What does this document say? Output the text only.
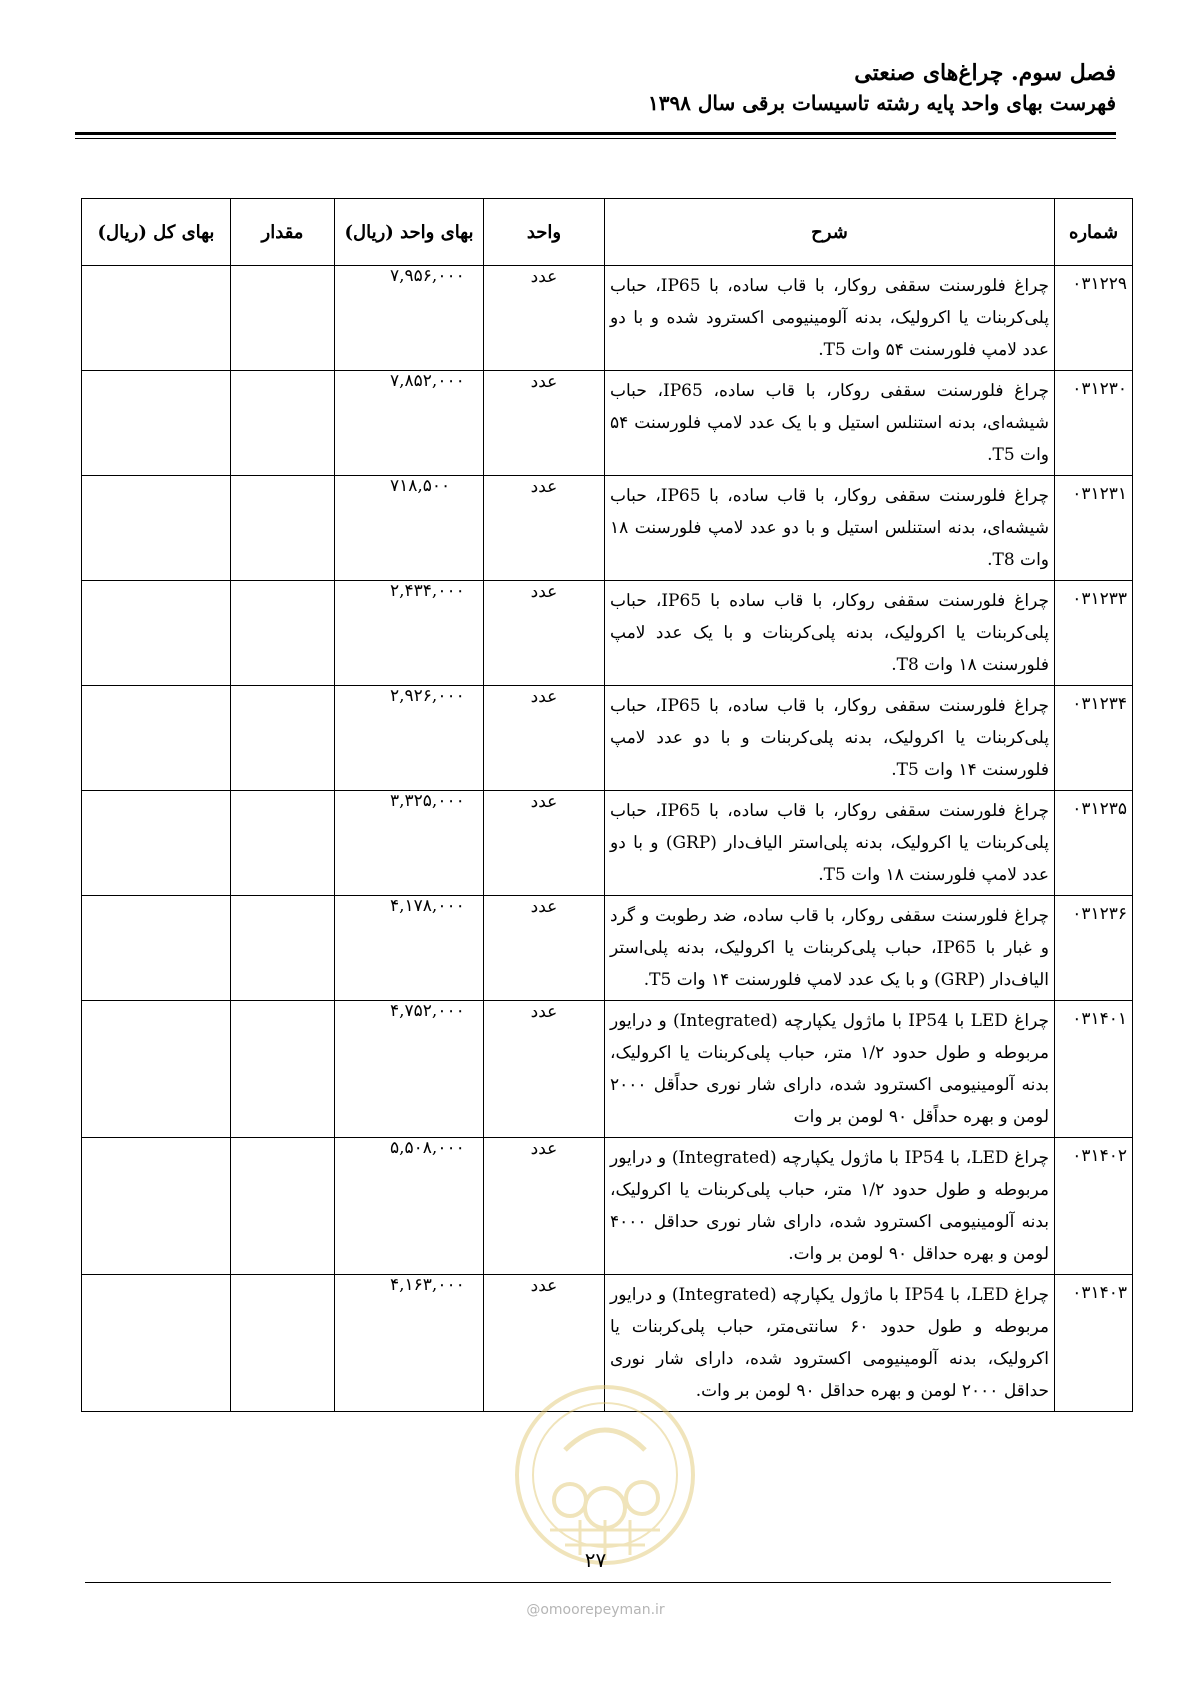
فصل سوم. چراغ‌های صنعتی
فهرست بهای واحد پایه رشته تاسیسات برقی سال ۱۳۹۸
شماره	شرح	واحد	بهای واحد (ریال)	مقدار	بهای کل (ریال)
۰۳۱۲۲۹	چراغ فلورسنت سقفی روکار، با قاب ساده، با IP65، حباب پلی‌کربنات یا اکرولیک، بدنه آلومینیومی اکسترود شده و با دو عدد لامپ فلورسنت ۵۴ وات T5.	عدد	۷,۹۵۶,۰۰۰		
۰۳۱۲۳۰	چراغ فلورسنت سقفی روکار، با قاب ساده، IP65، حباب شیشه‌ای، بدنه استنلس استیل و با یک عدد لامپ فلورسنت ۵۴ وات T5.	عدد	۷,۸۵۲,۰۰۰		
۰۳۱۲۳۱	چراغ فلورسنت سقفی روکار، با قاب ساده، با IP65، حباب شیشه‌ای، بدنه استنلس استیل و با دو عدد لامپ فلورسنت ۱۸ وات T8.	عدد	۷۱۸,۵۰۰		
۰۳۱۲۳۳	چراغ فلورسنت سقفی روکار، با قاب ساده با IP65، حباب پلی‌کربنات یا اکرولیک، بدنه پلی‌کربنات و با یک عدد لامپ فلورسنت ۱۸ وات T8.	عدد	۲,۴۳۴,۰۰۰		
۰۳۱۲۳۴	چراغ فلورسنت سقفی روکار، با قاب ساده، با IP65، حباب پلی‌کربنات یا اکرولیک، بدنه پلی‌کربنات و با دو عدد لامپ فلورسنت ۱۴ وات T5.	عدد	۲,۹۲۶,۰۰۰		
۰۳۱۲۳۵	چراغ فلورسنت سقفی روکار، با قاب ساده، با IP65، حباب پلی‌کربنات یا اکرولیک، بدنه پلی‌استر الیاف‌دار (GRP) و با دو عدد لامپ فلورسنت ۱۸ وات T5.	عدد	۳,۳۲۵,۰۰۰		
۰۳۱۲۳۶	چراغ فلورسنت سقفی روکار، با قاب ساده، ضد رطوبت و گرد و غبار با IP65، حباب پلی‌کربنات یا اکرولیک، بدنه پلی‌استر الیاف‌دار (GRP) و با یک عدد لامپ فلورسنت ۱۴ وات T5.	عدد	۴,۱۷۸,۰۰۰		
۰۳۱۴۰۱	چراغ LED با IP54 با ماژول یکپارچه (Integrated) و درایور مربوطه و طول حدود ۱/۲ متر، حباب پلی‌کربنات یا اکرولیک، بدنه آلومینیومی اکسترود شده، دارای شار نوری حداًقل ۲۰۰۰ لومن و بهره حداًقل ۹۰ لومن بر وات	عدد	۴,۷۵۲,۰۰۰		
۰۳۱۴۰۲	چراغ LED، با IP54 با ماژول یکپارچه (Integrated) و درایور مربوطه و طول حدود ۱/۲ متر، حباب پلی‌کربنات یا اکرولیک، بدنه آلومینیومی اکسترود شده، دارای شار نوری حداقل ۴۰۰۰ لومن و بهره حداقل ۹۰ لومن بر وات.	عدد	۵,۵۰۸,۰۰۰		
۰۳۱۴۰۳	چراغ LED، با IP54 با ماژول یکپارچه (Integrated) و درایور مربوطه و طول حدود ۶۰ سانتی‌متر، حباب پلی‌کربنات یا اکرولیک، بدنه آلومینیومی اکسترود شده، دارای شار نوری حداقل ۲۰۰۰ لومن و بهره حداقل ۹۰ لومن بر وات.	عدد	۴,۱۶۳,۰۰۰		
۲۷
@omoorepeyman.ir
